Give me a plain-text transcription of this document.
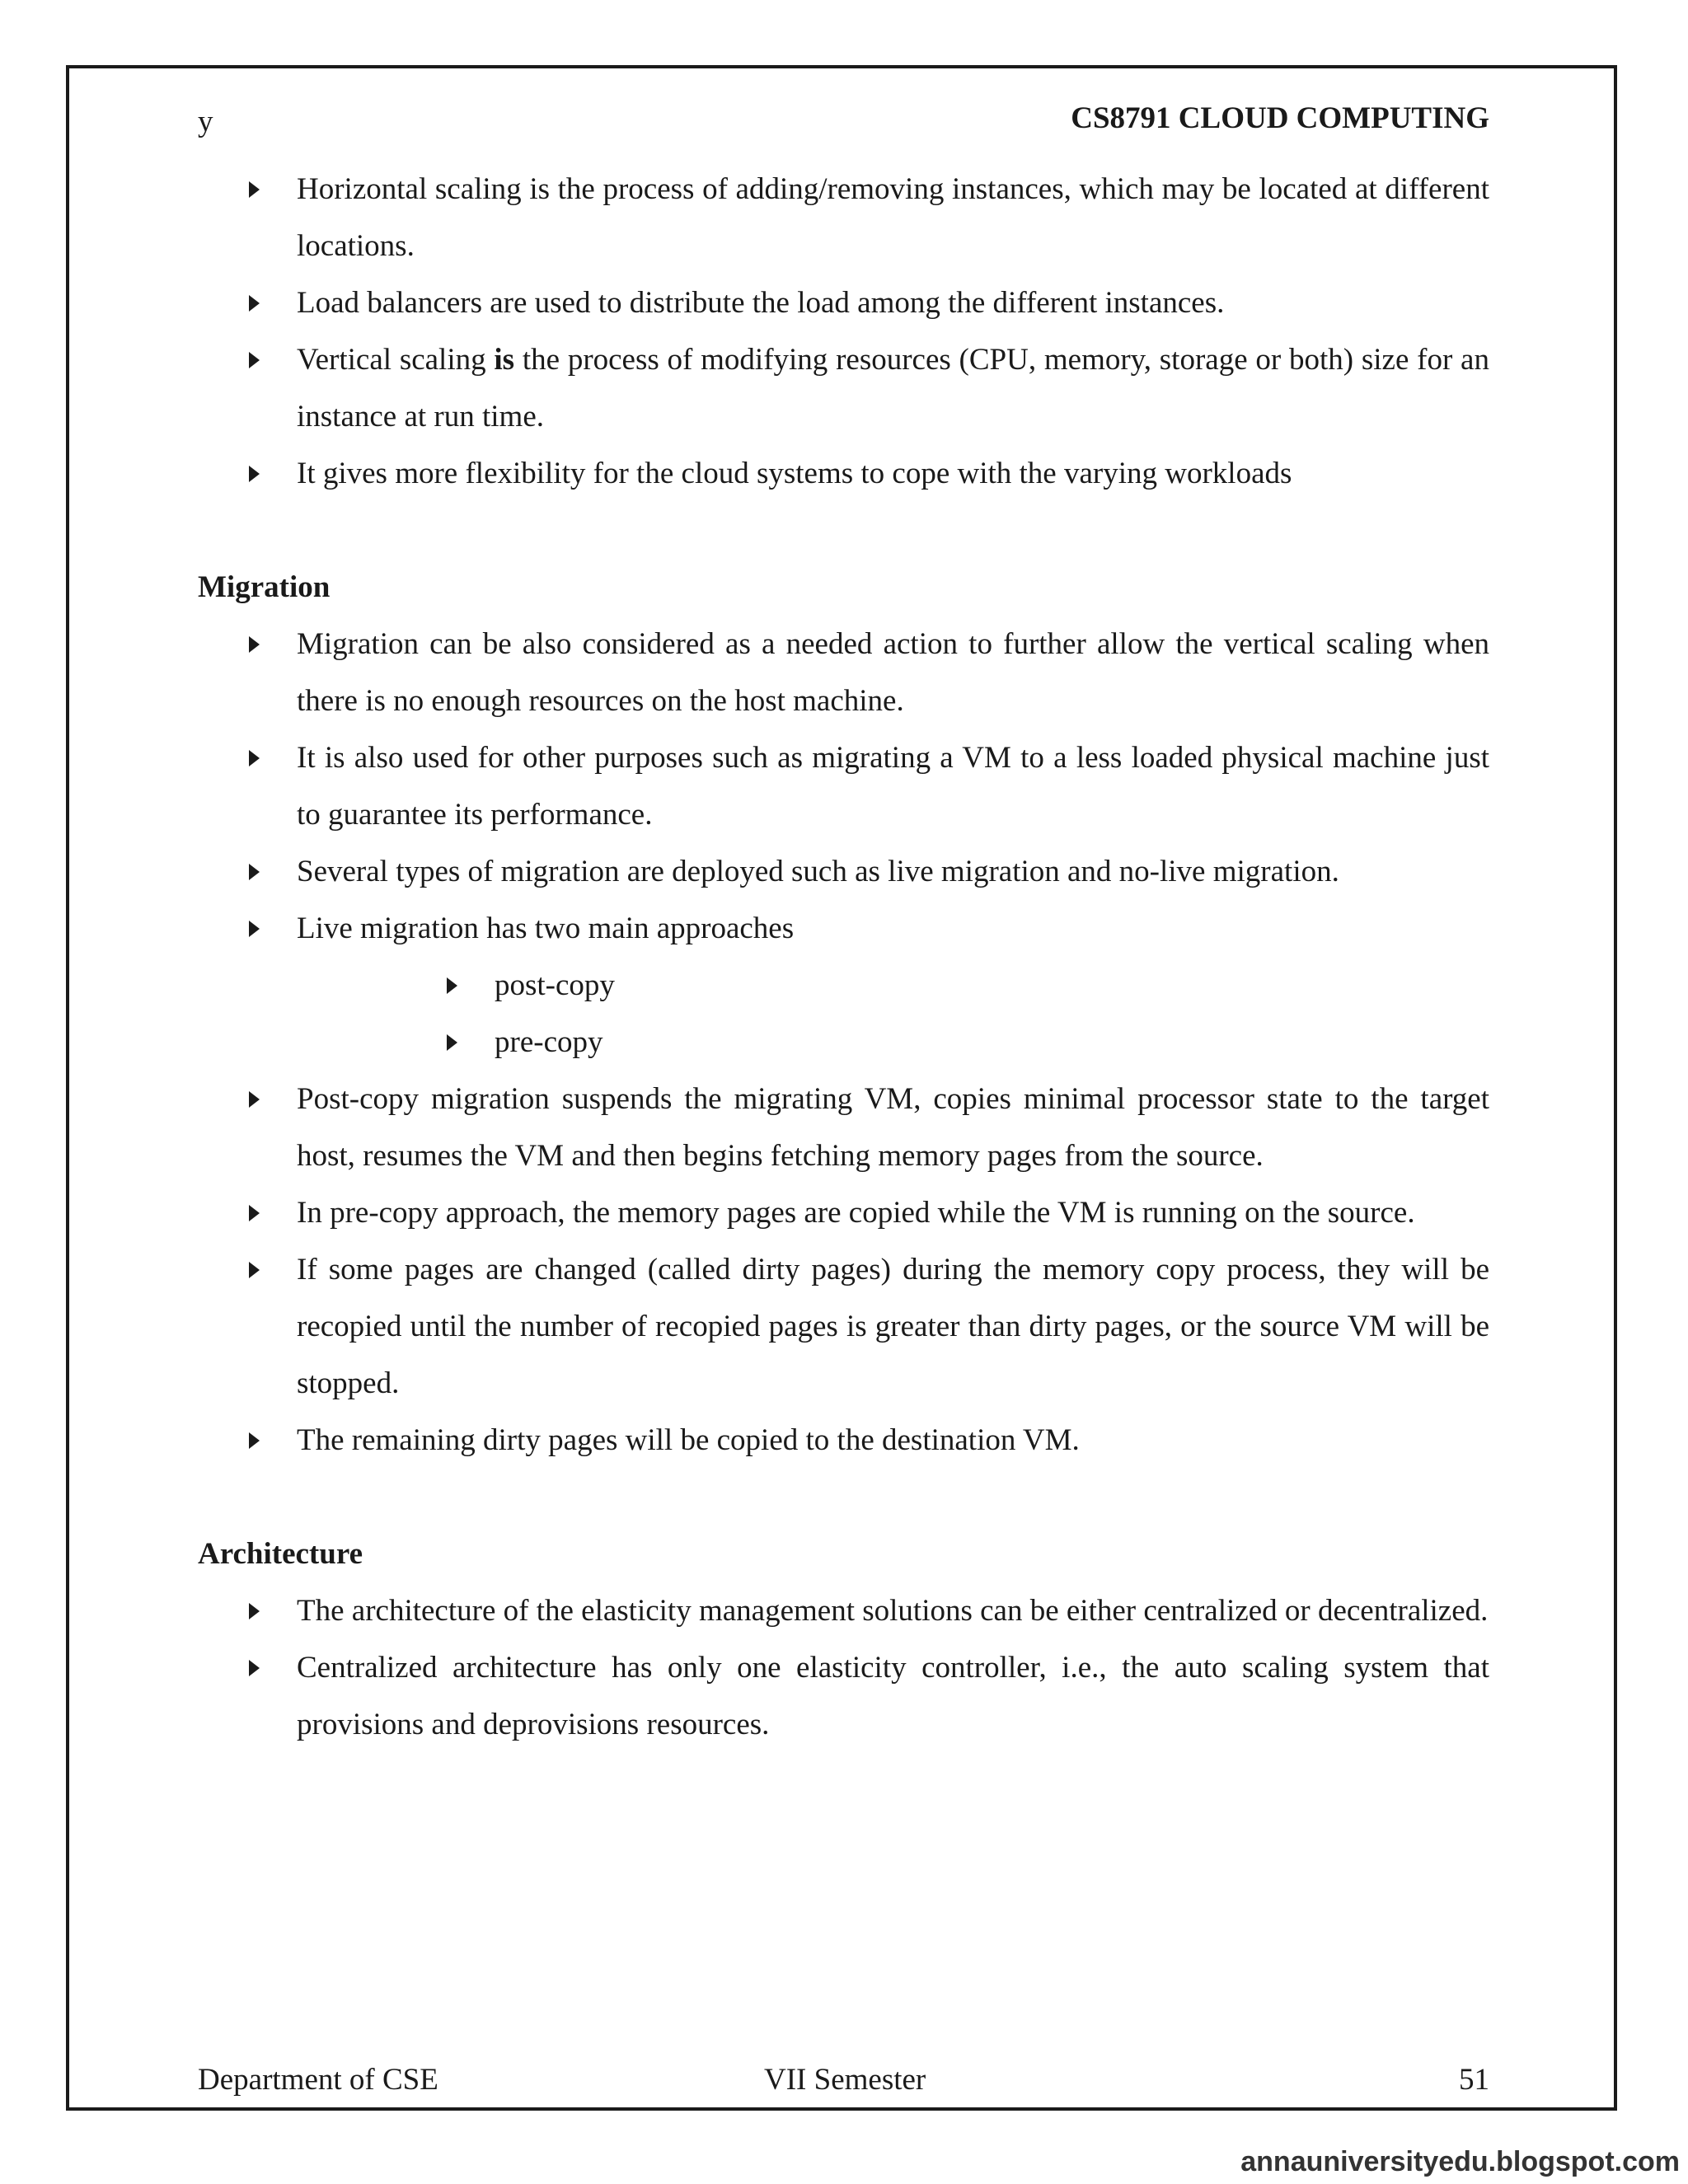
y	CS8791 CLOUD COMPUTING
Horizontal scaling is the process of adding/removing instances, which may be located at different locations.
Load balancers are used to distribute the load among the different instances.
Vertical scaling is the process of modifying resources (CPU, memory, storage or both) size for an instance at run time.
It gives more flexibility for the cloud systems to cope with the varying workloads
Migration
Migration can be also considered as a needed action to further allow the vertical scaling when there is no enough resources on the host machine.
It is also used for other purposes such as migrating a VM to a less loaded physical machine just to guarantee its performance.
Several types of migration are deployed such as live migration and no-live migration.
Live migration has two main approaches
post-copy
pre-copy
Post-copy migration suspends the migrating VM, copies minimal processor state to the target host, resumes the VM and then begins fetching memory pages from the source.
In pre-copy approach, the memory pages are copied while the VM is running on the source.
If some pages are changed (called dirty pages) during the memory copy process, they will be recopied until the number of recopied pages is greater than dirty pages, or the source VM will be stopped.
The remaining dirty pages will be copied to the destination VM.
Architecture
The architecture of the elasticity management solutions can be either centralized or decentralized.
Centralized architecture has only one elasticity controller, i.e., the auto scaling system that provisions and deprovisions resources.
Department of CSE	VII Semester	51
annauniversityedu.blogspot.com
